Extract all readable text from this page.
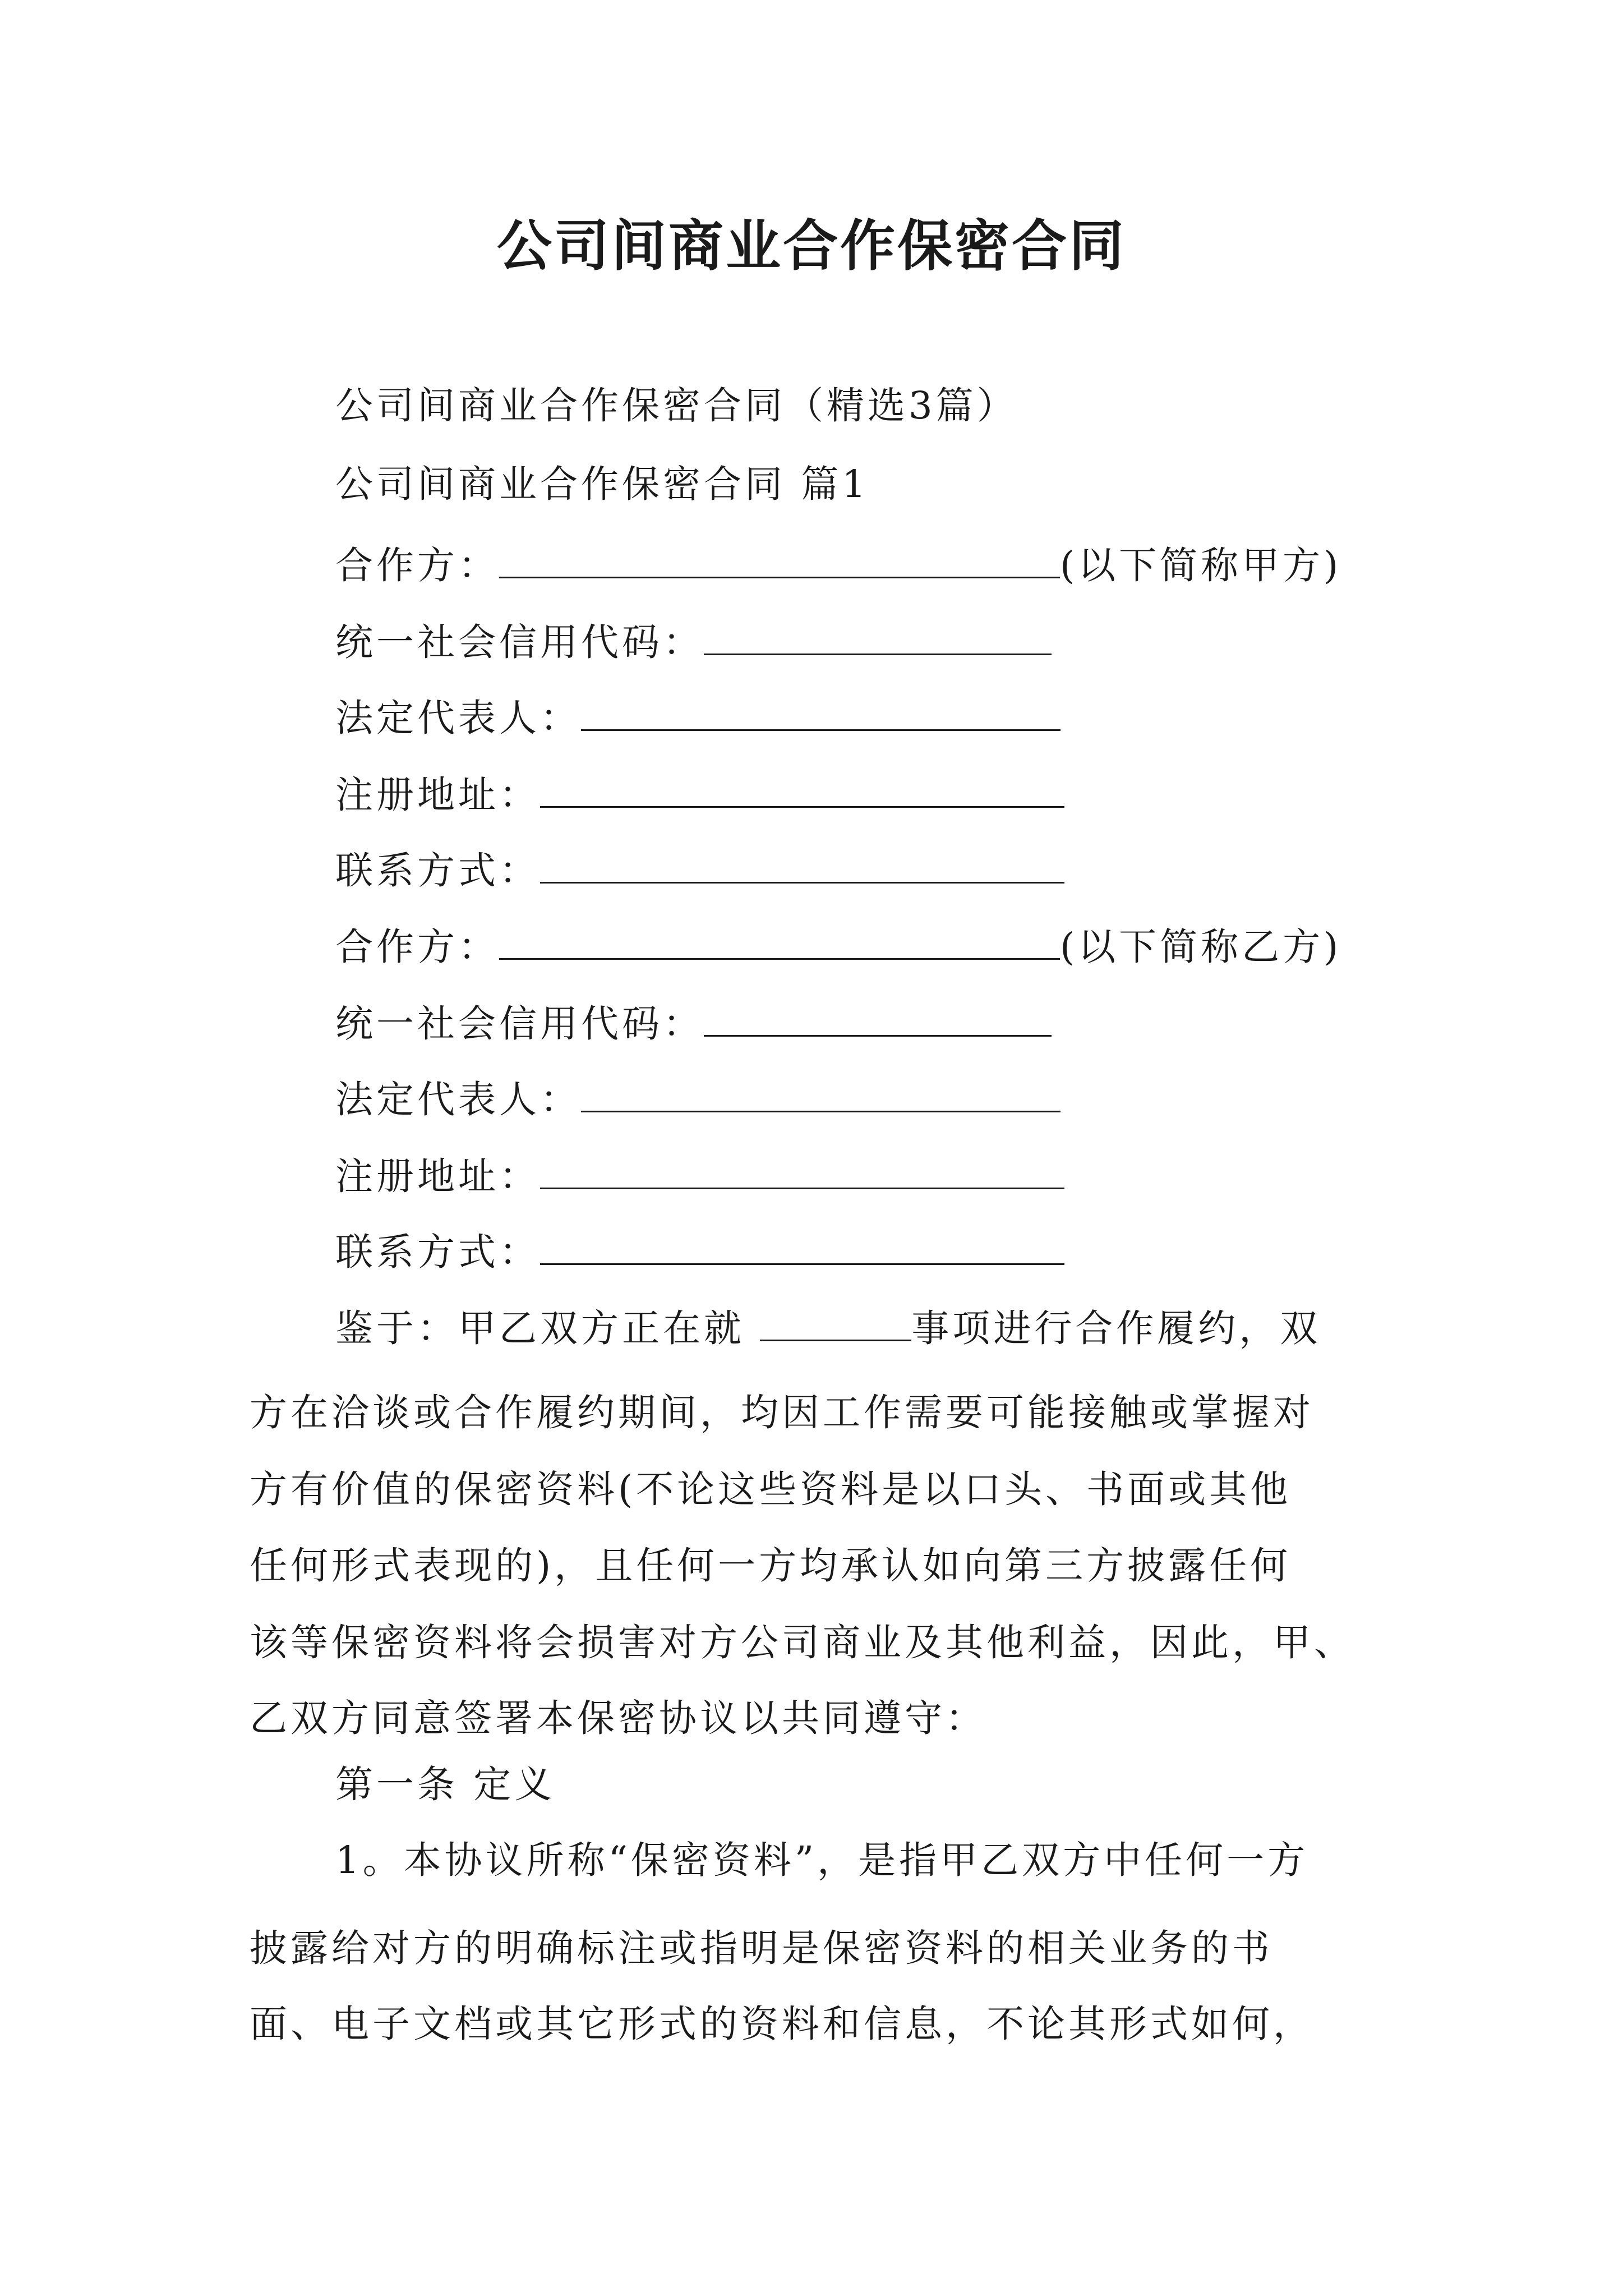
公司间商业合作保密合同
公司间商业合作保密合同（精选3篇）
公司间商业合作保密合同 篇1
合作方：	(以下简称甲方)
统一社会信用代码：
法定代表人：
注册地址：
联系方式：
合作方：	(以下简称乙方)
统一社会信用代码：
法定代表人：
注册地址：
联系方式：
鉴于：甲乙双方正在就	事项进行合作履约，双
方在洽谈或合作履约期间，均因工作需要可能接触或掌握对
方有价值的保密资料(不论这些资料是以口头、书面或其他
任何形式表现的)，且任何一方均承认如向第三方披露任何
该等保密资料将会损害对方公司商业及其他利益，因此，甲、
乙双方同意签署本保密协议以共同遵守：
第一条 定义
1。本协议所称“保密资料”，是指甲乙双方中任何一方
披露给对方的明确标注或指明是保密资料的相关业务的书
面、电子文档或其它形式的资料和信息，不论其形式如何，
